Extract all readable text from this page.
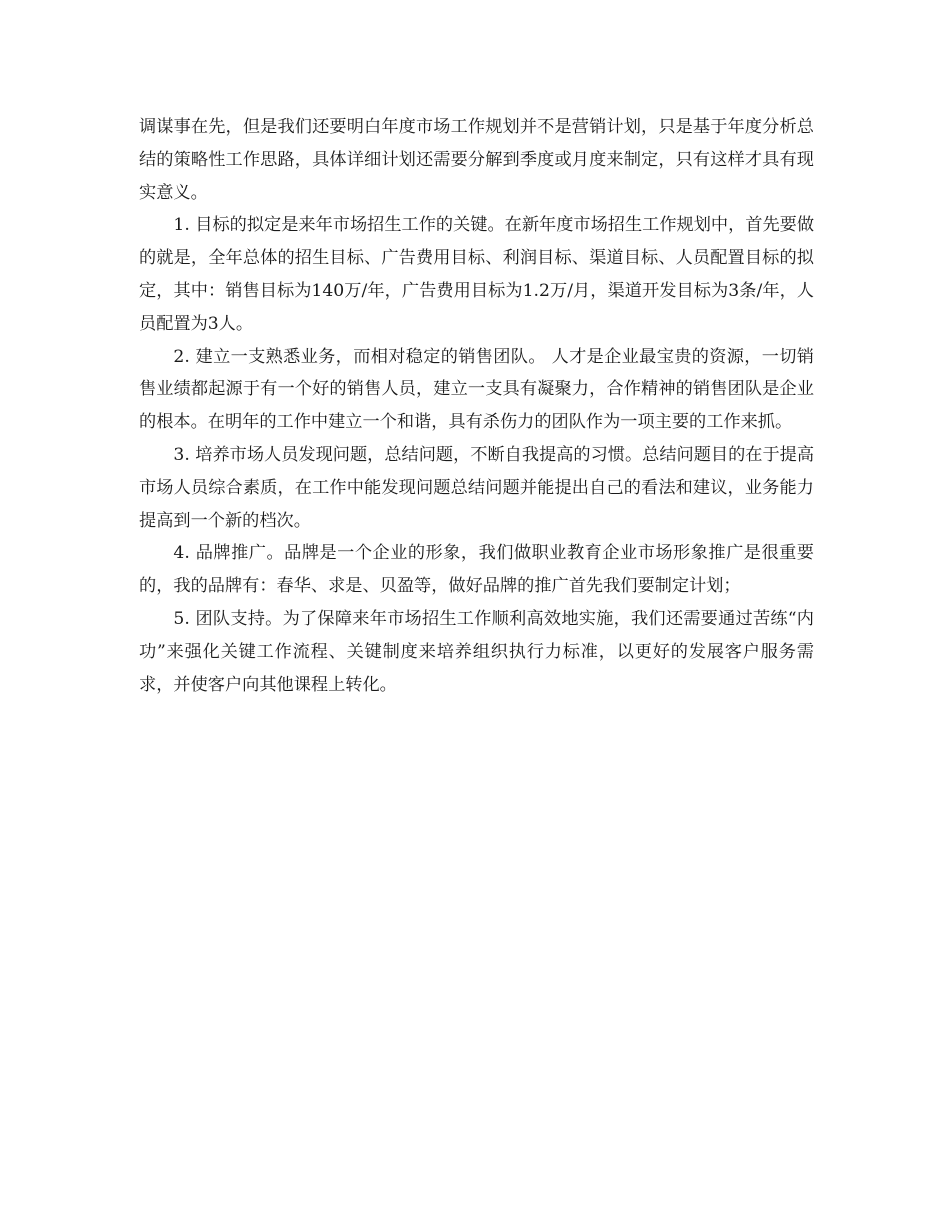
调谋事在先，但是我们还要明白年度市场工作规划并不是营销计划，只是基于年度分析总结的策略性工作思路，具体详细计划还需要分解到季度或月度来制定，只有这样才具有现实意义。

1. 目标的拟定是来年市场招生工作的关键。在新年度市场招生工作规划中，首先要做的就是，全年总体的招生目标、广告费用目标、利润目标、渠道目标、人员配置目标的拟定，其中：销售目标为140万/年，广告费用目标为1.2万/月，渠道开发目标为3条/年，人员配置为3人。

2. 建立一支熟悉业务，而相对稳定的销售团队。 人才是企业最宝贵的资源，一切销售业绩都起源于有一个好的销售人员，建立一支具有凝聚力，合作精神的销售团队是企业的根本。在明年的工作中建立一个和谐，具有杀伤力的团队作为一项主要的工作来抓。

3. 培养市场人员发现问题，总结问题，不断自我提高的习惯。总结问题目的在于提高市场人员综合素质，在工作中能发现问题总结问题并能提出自己的看法和建议，业务能力提高到一个新的档次。

4. 品牌推广。品牌是一个企业的形象，我们做职业教育企业市场形象推广是很重要的，我的品牌有：春华、求是、贝盈等，做好品牌的推广首先我们要制定计划；

5. 团队支持。为了保障来年市场招生工作顺利高效地实施，我们还需要通过苦练“内功”来强化关键工作流程、关键制度来培养组织执行力标准，以更好的发展客户服务需求，并使客户向其他课程上转化。
